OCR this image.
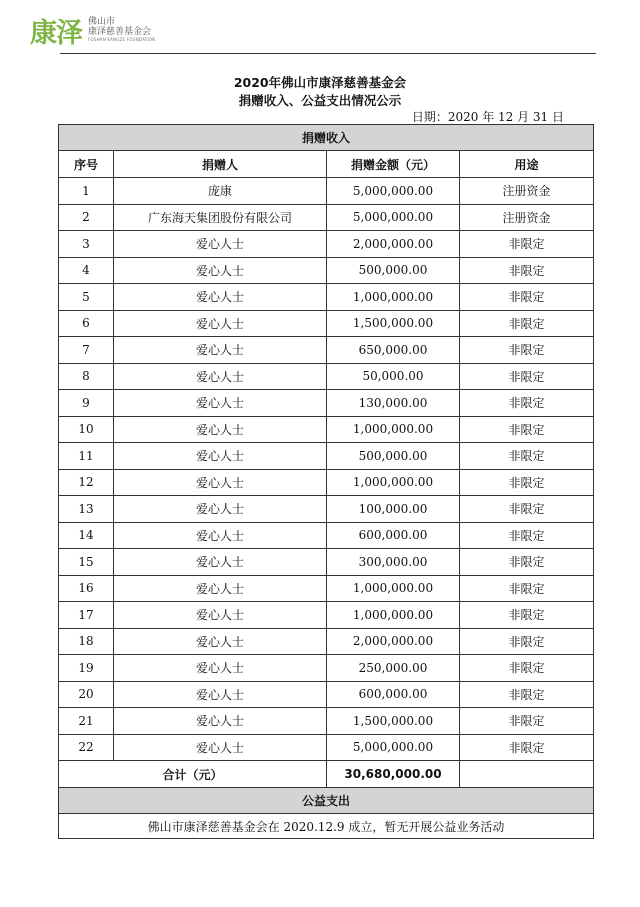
康泽 佛山市
康泽慈善基金会
FOSHAN KANGZE FOUNDATION
2020年佛山市康泽慈善基金会
捐赠收入、公益支出情况公示
日期：2020 年 12 月 31 日
捐赠收入			
序号	捐赠人	捐赠金额（元）	用途
1	庞康	5,000,000.00	注册资金
2	广东海天集团股份有限公司	5,000,000.00	注册资金
3	爱心人士	2,000,000.00	非限定
4	爱心人士	500,000.00	非限定
5	爱心人士	1,000,000.00	非限定
6	爱心人士	1,500,000.00	非限定
7	爱心人士	650,000.00	非限定
8	爱心人士	50,000.00	非限定
9	爱心人士	130,000.00	非限定
10	爱心人士	1,000,000.00	非限定
11	爱心人士	500,000.00	非限定
12	爱心人士	1,000,000.00	非限定
13	爱心人士	100,000.00	非限定
14	爱心人士	600,000.00	非限定
15	爱心人士	300,000.00	非限定
16	爱心人士	1,000,000.00	非限定
17	爱心人士	1,000,000.00	非限定
18	爱心人士	2,000,000.00	非限定
19	爱心人士	250,000.00	非限定
20	爱心人士	600,000.00	非限定
21	爱心人士	1,500,000.00	非限定
22	爱心人士	5,000,000.00	非限定
合计（元）		30,680,000.00	
公益支出			
佛山市康泽慈善基金会在 2020.12.9 成立，暂无开展公益业务活动			
